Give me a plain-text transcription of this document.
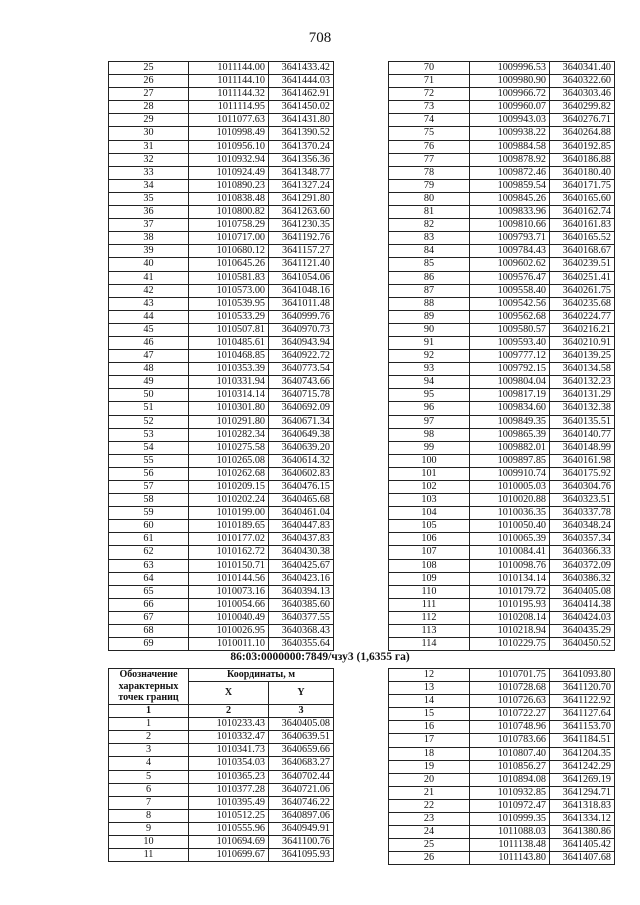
708
25	1011144.00	3641433.42
26	1011144.10	3641444.03
27	1011144.32	3641462.91
28	1011114.95	3641450.02
29	1011077.63	3641431.80
30	1010998.49	3641390.52
31	1010956.10	3641370.24
32	1010932.94	3641356.36
33	1010924.49	3641348.77
34	1010890.23	3641327.24
35	1010838.48	3641291.80
36	1010800.82	3641263.60
37	1010758.29	3641230.35
38	1010717.00	3641192.76
39	1010680.12	3641157.27
40	1010645.26	3641121.40
41	1010581.83	3641054.06
42	1010573.00	3641048.16
43	1010539.95	3641011.48
44	1010533.29	3640999.76
45	1010507.81	3640970.73
46	1010485.61	3640943.94
47	1010468.85	3640922.72
48	1010353.39	3640773.54
49	1010331.94	3640743.66
50	1010314.14	3640715.78
51	1010301.80	3640692.09
52	1010291.80	3640671.34
53	1010282.34	3640649.38
54	1010275.58	3640639.20
55	1010265.08	3640614.32
56	1010262.68	3640602.83
57	1010209.15	3640476.15
58	1010202.24	3640465.68
59	1010199.00	3640461.04
60	1010189.65	3640447.83
61	1010177.02	3640437.83
62	1010162.72	3640430.38
63	1010150.71	3640425.67
64	1010144.56	3640423.16
65	1010073.16	3640394.13
66	1010054.66	3640385.60
67	1010040.49	3640377.55
68	1010026.95	3640368.43
69	1010011.10	3640355.64
70	1009996.53	3640341.40
71	1009980.90	3640322.60
72	1009966.72	3640303.46
73	1009960.07	3640299.82
74	1009943.03	3640276.71
75	1009938.22	3640264.88
76	1009884.58	3640192.85
77	1009878.92	3640186.88
78	1009872.46	3640180.40
79	1009859.54	3640171.75
80	1009845.26	3640165.60
81	1009833.96	3640162.74
82	1009810.66	3640161.83
83	1009793.71	3640165.52
84	1009784.43	3640168.67
85	1009602.62	3640239.51
86	1009576.47	3640251.41
87	1009558.40	3640261.75
88	1009542.56	3640235.68
89	1009562.68	3640224.77
90	1009580.57	3640216.21
91	1009593.40	3640210.91
92	1009777.12	3640139.25
93	1009792.15	3640134.58
94	1009804.04	3640132.23
95	1009817.19	3640131.29
96	1009834.60	3640132.38
97	1009849.35	3640135.51
98	1009865.39	3640140.77
99	1009882.01	3640148.99
100	1009897.85	3640161.98
101	1009910.74	3640175.92
102	1010005.03	3640304.76
103	1010020.88	3640323.51
104	1010036.35	3640337.78
105	1010050.40	3640348.24
106	1010065.39	3640357.34
107	1010084.41	3640366.33
108	1010098.76	3640372.09
109	1010134.14	3640386.32
110	1010179.72	3640405.08
111	1010195.93	3640414.38
112	1010208.14	3640424.03
113	1010218.94	3640435.29
114	1010229.75	3640450.52
86:03:0000000:7849/чзу3 (1,6355 га)
Обозначение характерных точек границ	Координаты, м	
	X	Y
1	2	3
1	1010233.43	3640405.08
2	1010332.47	3640639.51
3	1010341.73	3640659.66
4	1010354.03	3640683.27
5	1010365.23	3640702.44
6	1010377.28	3640721.06
7	1010395.49	3640746.22
8	1010512.25	3640897.06
9	1010555.96	3640949.91
10	1010694.69	3641100.76
11	1010699.67	3641095.93
12	1010701.75	3641093.80
13	1010728.68	3641120.70
14	1010726.63	3641122.92
15	1010722.27	3641127.64
16	1010748.96	3641153.70
17	1010783.66	3641184.51
18	1010807.40	3641204.35
19	1010856.27	3641242.29
20	1010894.08	3641269.19
21	1010932.85	3641294.71
22	1010972.47	3641318.83
23	1010999.35	3641334.12
24	1011088.03	3641380.86
25	1011138.48	3641405.42
26	1011143.80	3641407.68
